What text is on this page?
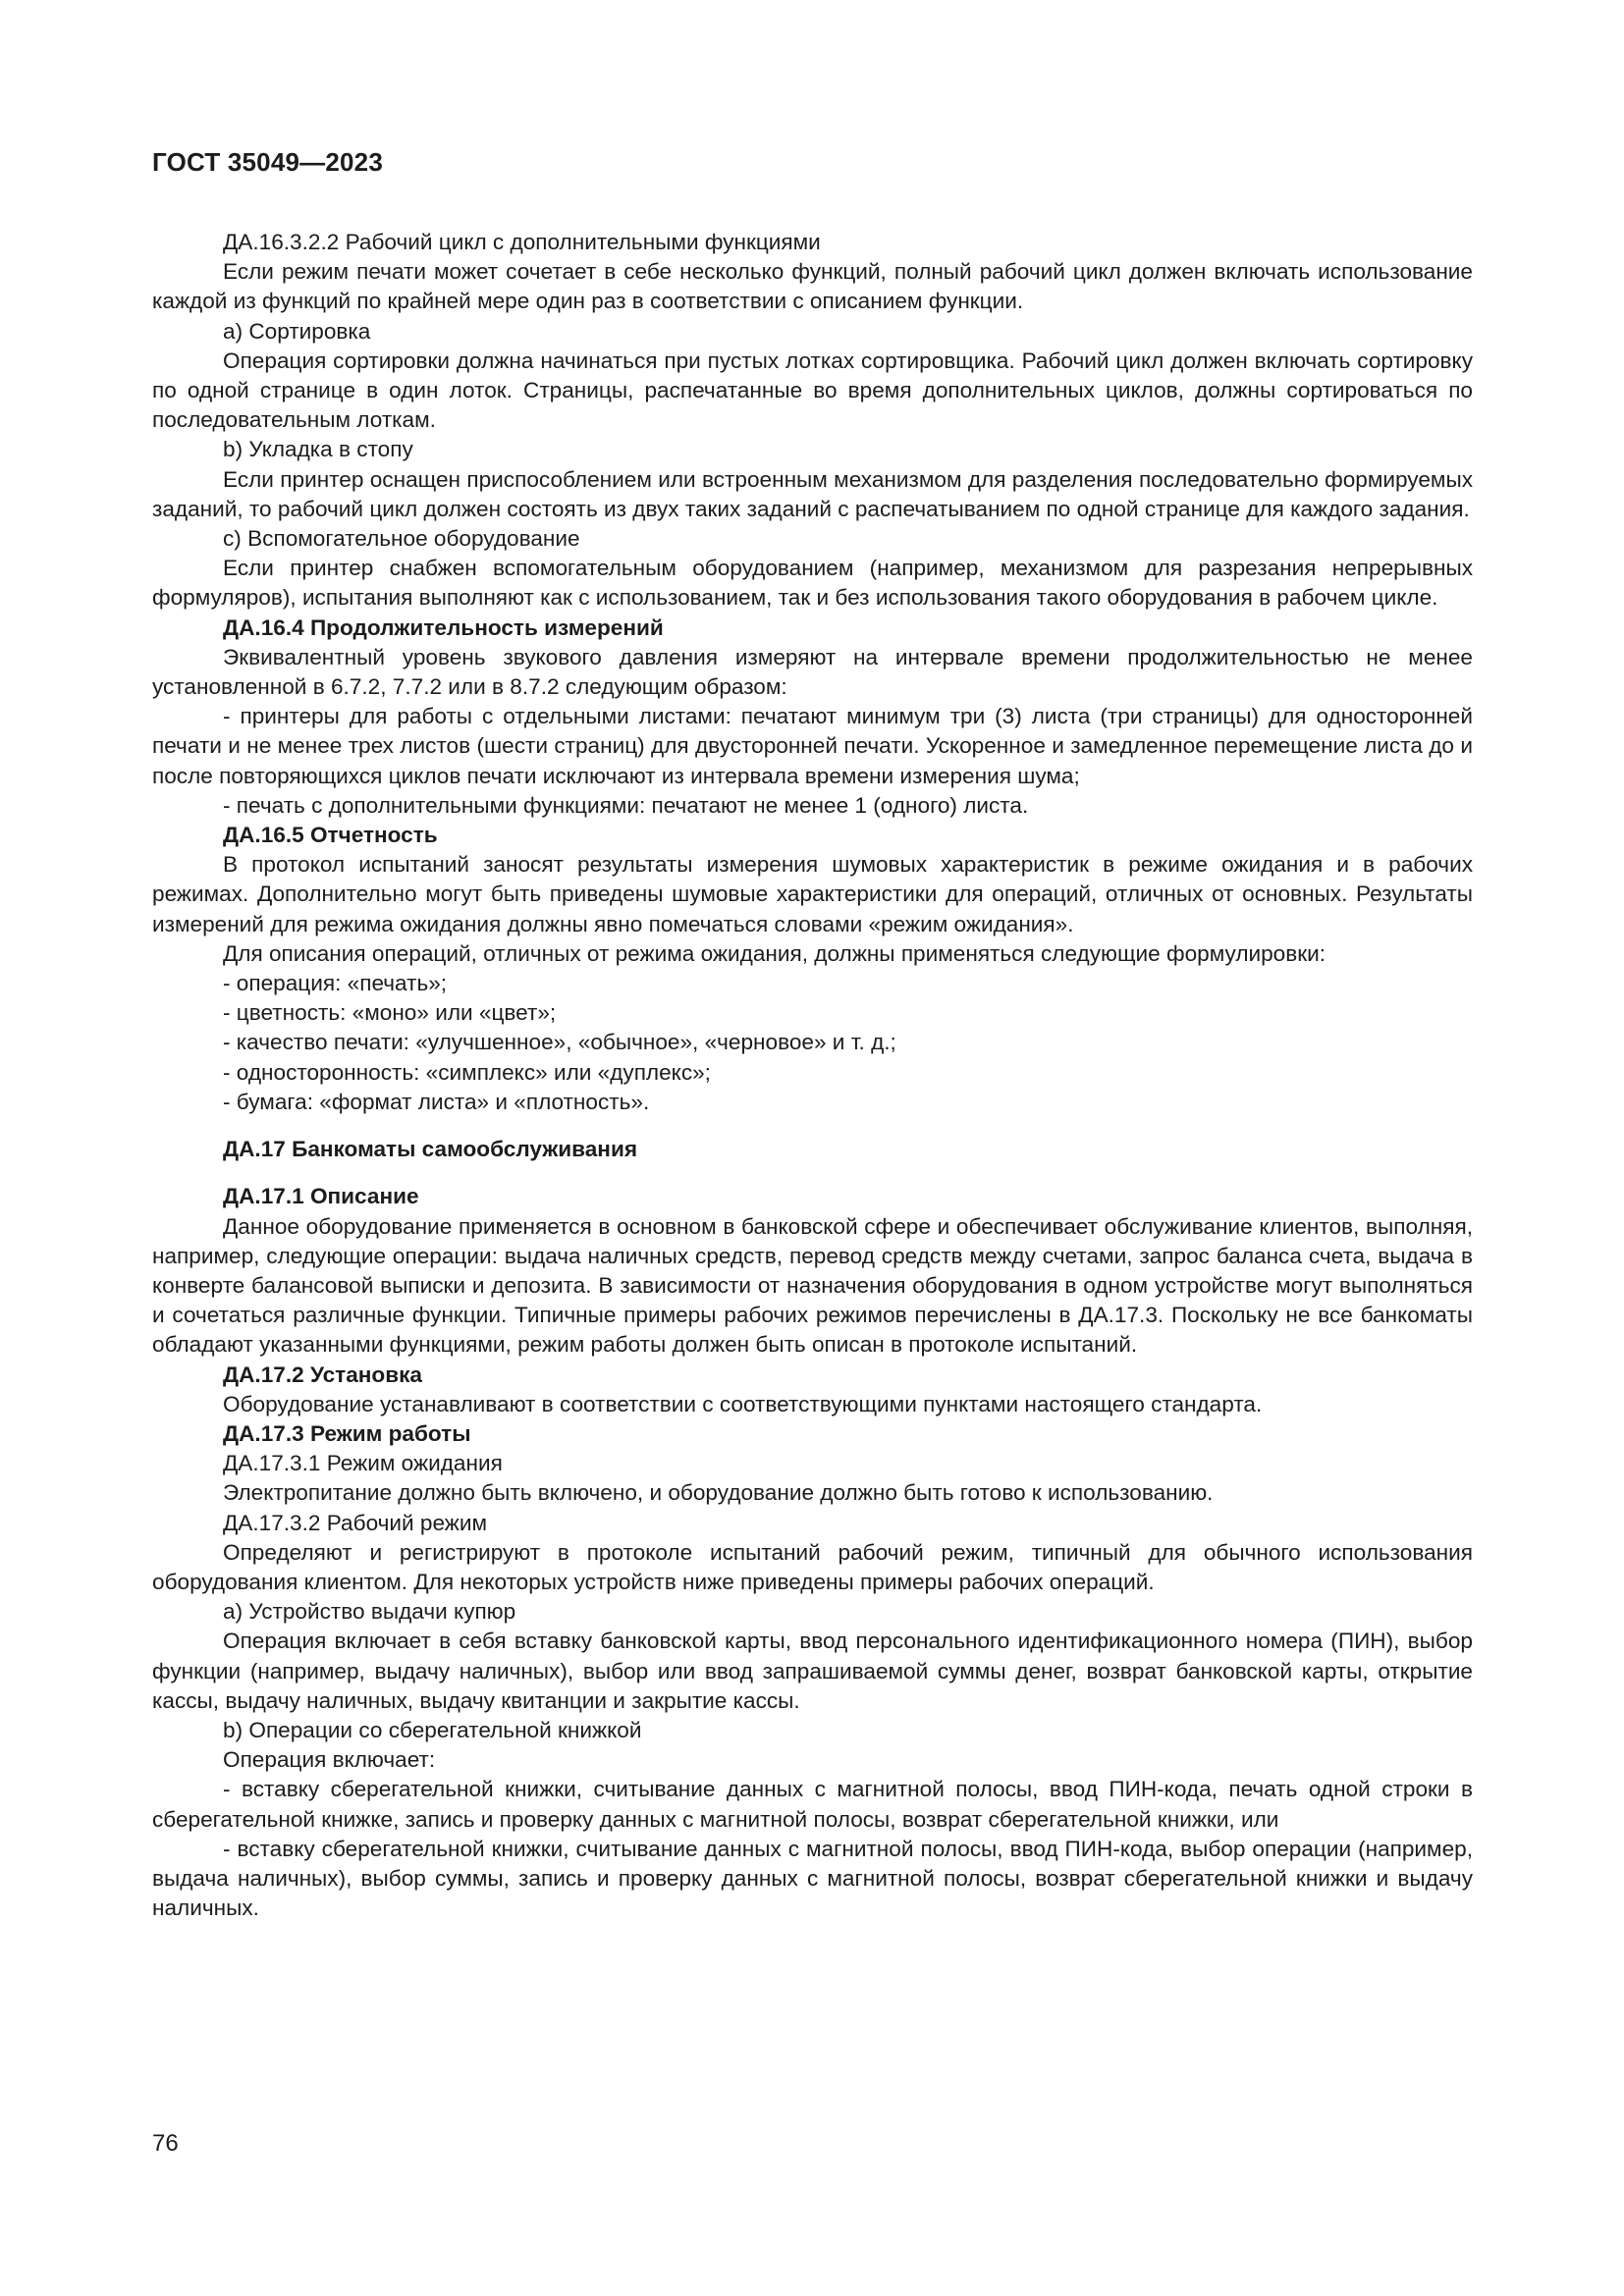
ГОСТ 35049—2023

ДА.16.3.2.2 Рабочий цикл с дополнительными функциями

Если режим печати может сочетает в себе несколько функций, полный рабочий цикл должен включать использование каждой из функций по крайней мере один раз в соответствии с описанием функции.

a) Сортировка

Операция сортировки должна начинаться при пустых лотках сортировщика. Рабочий цикл должен включать сортировку по одной странице в один лоток. Страницы, распечатанные во время дополнительных циклов, должны сортироваться по последовательным лоткам.

b) Укладка в стопу

Если принтер оснащен приспособлением или встроенным механизмом для разделения последовательно формируемых заданий, то рабочий цикл должен состоять из двух таких заданий с распечатыванием по одной странице для каждого задания.

c) Вспомогательное оборудование

Если принтер снабжен вспомогательным оборудованием (например, механизмом для разрезания непрерывных формуляров), испытания выполняют как с использованием, так и без использования такого оборудования в рабочем цикле.

ДА.16.4 Продолжительность измерений

Эквивалентный уровень звукового давления измеряют на интервале времени продолжительностью не менее установленной в 6.7.2, 7.7.2 или в 8.7.2 следующим образом:

- принтеры для работы с отдельными листами: печатают минимум три (3) листа (три страницы) для односторонней печати и не менее трех листов (шести страниц) для двусторонней печати. Ускоренное и замедленное перемещение листа до и после повторяющихся циклов печати исключают из интервала времени измерения шума;

- печать с дополнительными функциями: печатают не менее 1 (одного) листа.

ДА.16.5 Отчетность

В протокол испытаний заносят результаты измерения шумовых характеристик в режиме ожидания и в рабочих режимах. Дополнительно могут быть приведены шумовые характеристики для операций, отличных от основных. Результаты измерений для режима ожидания должны явно помечаться словами «режим ожидания».

Для описания операций, отличных от режима ожидания, должны применяться следующие формулировки:

- операция: «печать»;

- цветность: «моно» или «цвет»;

- качество печати: «улучшенное», «обычное», «черновое» и т. д.;

- односторонность: «симплекс» или «дуплекс»;

- бумага: «формат листа» и «плотность».

ДА.17 Банкоматы самообслуживания

ДА.17.1 Описание

Данное оборудование применяется в основном в банковской сфере и обеспечивает обслуживание клиентов, выполняя, например, следующие операции: выдача наличных средств, перевод средств между счетами, запрос баланса счета, выдача в конверте балансовой выписки и депозита. В зависимости от назначения оборудования в одном устройстве могут выполняться и сочетаться различные функции. Типичные примеры рабочих режимов перечислены в ДА.17.3. Поскольку не все банкоматы обладают указанными функциями, режим работы должен быть описан в протоколе испытаний.

ДА.17.2 Установка

Оборудование устанавливают в соответствии с соответствующими пунктами настоящего стандарта.

ДА.17.3 Режим работы

ДА.17.3.1 Режим ожидания

Электропитание должно быть включено, и оборудование должно быть готово к использованию.

ДА.17.3.2 Рабочий режим

Определяют и регистрируют в протоколе испытаний рабочий режим, типичный для обычного использования оборудования клиентом. Для некоторых устройств ниже приведены примеры рабочих операций.

a) Устройство выдачи купюр

Операция включает в себя вставку банковской карты, ввод персонального идентификационного номера (ПИН), выбор функции (например, выдачу наличных), выбор или ввод запрашиваемой суммы денег, возврат банковской карты, открытие кассы, выдачу наличных, выдачу квитанции и закрытие кассы.

b) Операции со сберегательной книжкой

Операция включает:

- вставку сберегательной книжки, считывание данных с магнитной полосы, ввод ПИН-кода, печать одной строки в сберегательной книжке, запись и проверку данных с магнитной полосы, возврат сберегательной книжки, или

- вставку сберегательной книжки, считывание данных с магнитной полосы, ввод ПИН-кода, выбор операции (например, выдача наличных), выбор суммы, запись и проверку данных с магнитной полосы, возврат сберегательной книжки и выдачу наличных.

76
